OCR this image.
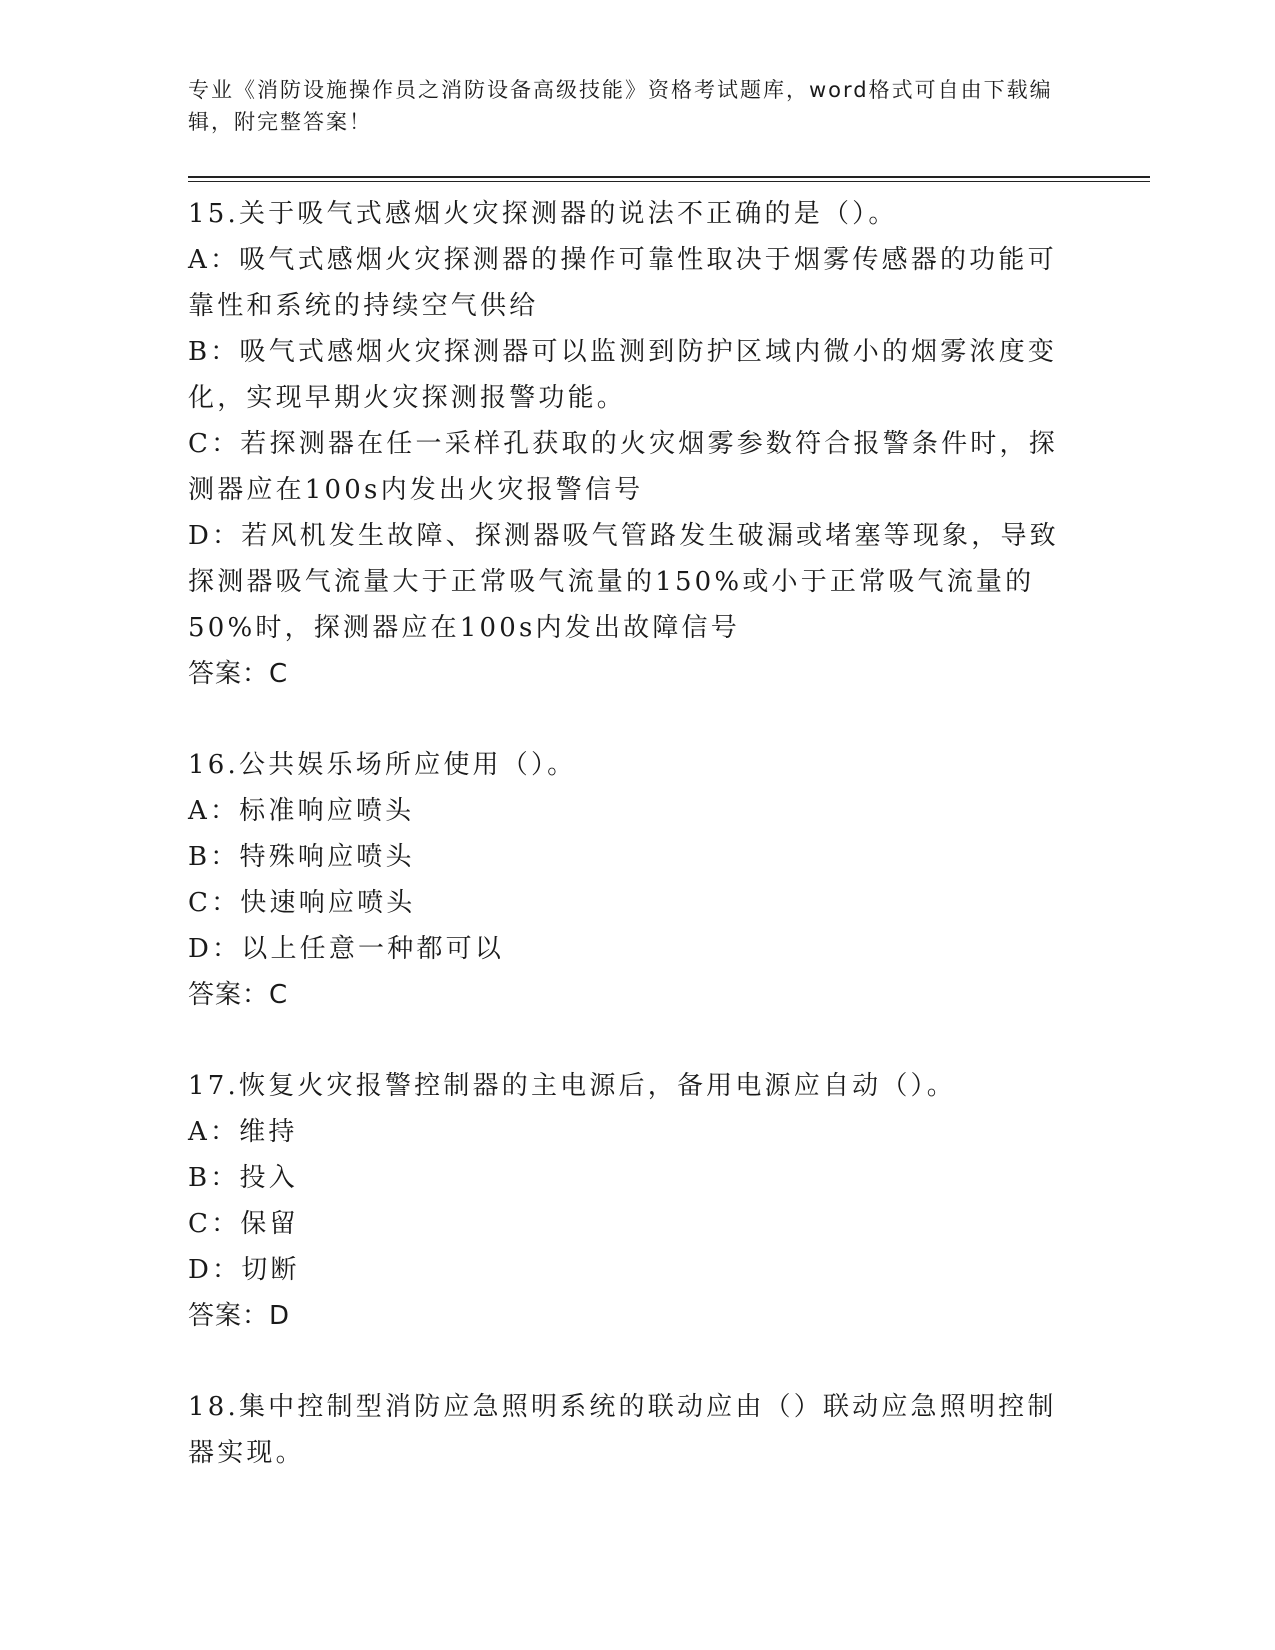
专业《消防设施操作员之消防设备高级技能》资格考试题库，word格式可自由下载编辑，附完整答案！

15.关于吸气式感烟火灾探测器的说法不正确的是（）。

A：吸气式感烟火灾探测器的操作可靠性取决于烟雾传感器的功能可靠性和系统的持续空气供给

B：吸气式感烟火灾探测器可以监测到防护区域内微小的烟雾浓度变化，实现早期火灾探测报警功能。

C：若探测器在任一采样孔获取的火灾烟雾参数符合报警条件时，探测器应在100s内发出火灾报警信号

D：若风机发生故障、探测器吸气管路发生破漏或堵塞等现象，导致探测器吸气流量大于正常吸气流量的150%或小于正常吸气流量的50%时，探测器应在100s内发出故障信号

答案：C

16.公共娱乐场所应使用（）。

A：标准响应喷头

B：特殊响应喷头

C：快速响应喷头

D：以上任意一种都可以

答案：C

17.恢复火灾报警控制器的主电源后，备用电源应自动（）。

A：维持

B：投入

C：保留

D：切断

答案：D

18.集中控制型消防应急照明系统的联动应由（）联动应急照明控制器实现。
